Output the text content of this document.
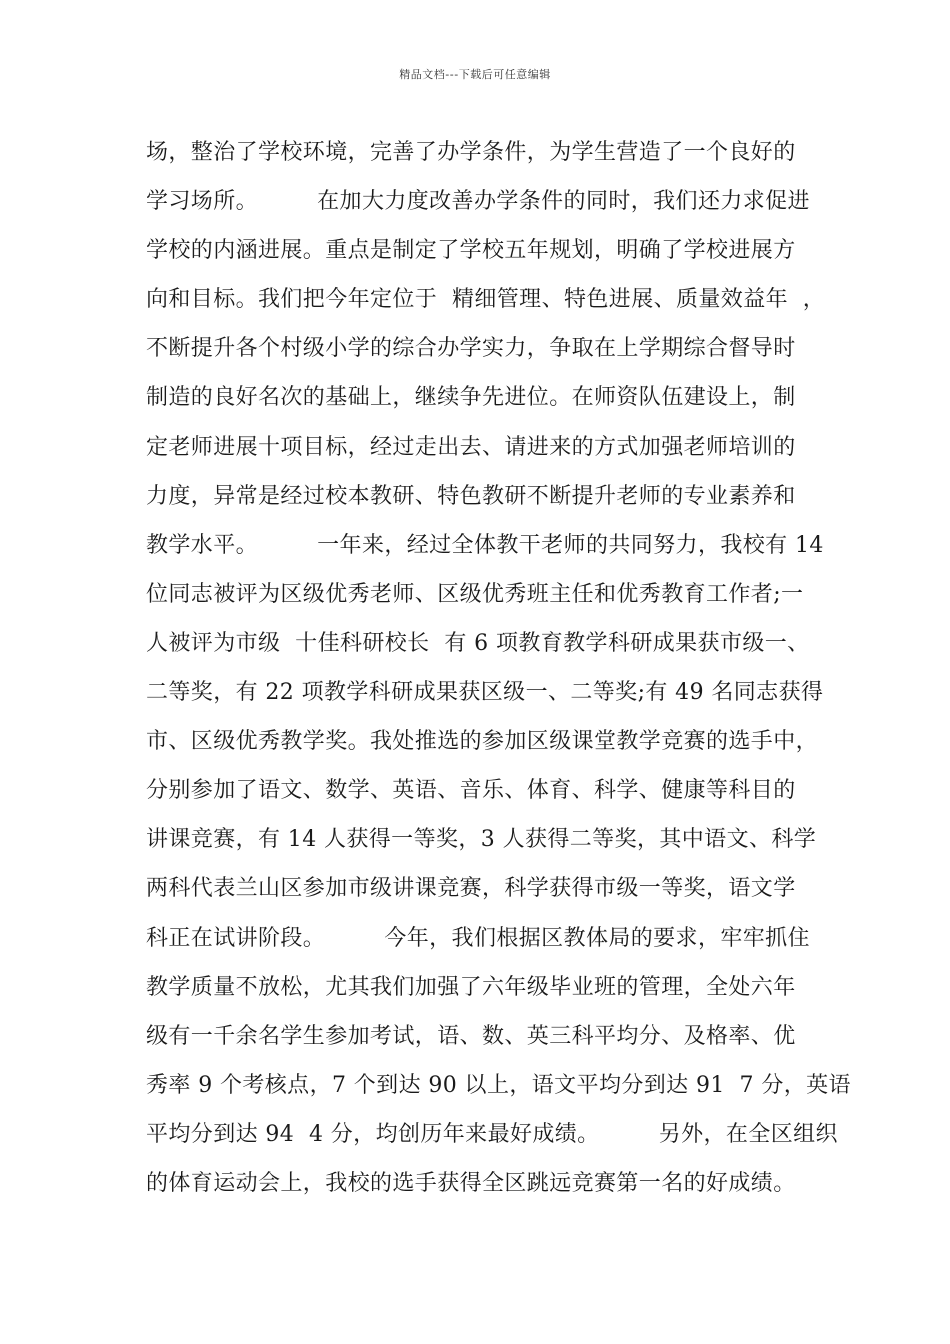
精品文档---下载后可任意编辑
场，整治了学校环境，完善了办学条件，为学生营造了一个良好的
学习场所。        在加大力度改善办学条件的同时，我们还力求促进
学校的内涵进展。重点是制定了学校五年规划，明确了学校进展方
向和目标。我们把今年定位于  精细管理、特色进展、质量效益年  ，
不断提升各个村级小学的综合办学实力，争取在上学期综合督导时
制造的良好名次的基础上，继续争先进位。在师资队伍建设上，制
定老师进展十项目标，经过走出去、请进来的方式加强老师培训的
力度，异常是经过校本教研、特色教研不断提升老师的专业素养和
教学水平。        一年来，经过全体教干老师的共同努力，我校有 14
位同志被评为区级优秀老师、区级优秀班主任和优秀教育工作者;一
人被评为市级  十佳科研校长  有 6 项教育教学科研成果获市级一、
二等奖，有 22 项教学科研成果获区级一、二等奖;有 49 名同志获得
市、区级优秀教学奖。我处推选的参加区级课堂教学竞赛的选手中，
分别参加了语文、数学、英语、音乐、体育、科学、健康等科目的
讲课竞赛，有 14 人获得一等奖，3 人获得二等奖，其中语文、科学
两科代表兰山区参加市级讲课竞赛，科学获得市级一等奖，语文学
科正在试讲阶段。        今年，我们根据区教体局的要求，牢牢抓住
教学质量不放松，尤其我们加强了六年级毕业班的管理，全处六年
级有一千余名学生参加考试，语、数、英三科平均分、及格率、优
秀率 9 个考核点，7 个到达 90 以上，语文平均分到达 91  7 分，英语
平均分到达 94  4 分，均创历年来最好成绩。        另外，在全区组织
的体育运动会上，我校的选手获得全区跳远竞赛第一名的好成绩。
